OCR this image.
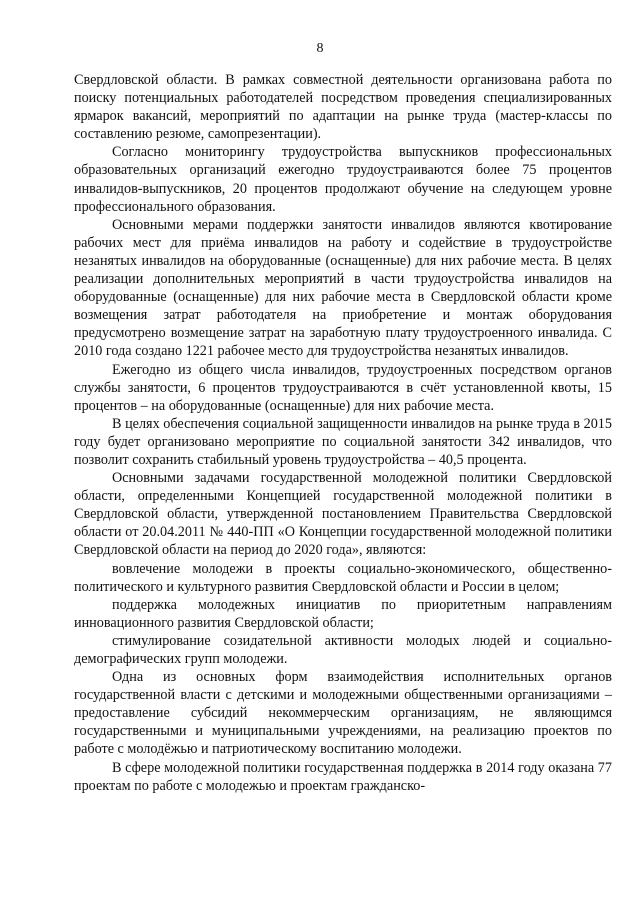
8

Свердловской области. В рамках совместной деятельности организована работа по поиску потенциальных работодателей посредством проведения специализированных ярмарок вакансий, мероприятий по адаптации на рынке труда (мастер-классы по составлению резюме, самопрезентации).

Согласно мониторингу трудоустройства выпускников профессиональных образовательных организаций ежегодно трудоустраиваются более 75 процентов инвалидов-выпускников, 20 процентов продолжают обучение на следующем уровне профессионального образования.

Основными мерами поддержки занятости инвалидов являются квотирование рабочих мест для приёма инвалидов на работу и содействие в трудоустройстве незанятых инвалидов на оборудованные (оснащенные) для них рабочие места. В целях реализации дополнительных мероприятий в части трудоустройства инвалидов на оборудованные (оснащенные) для них рабочие места в Свердловской области кроме возмещения затрат работодателя на приобретение и монтаж оборудования предусмотрено возмещение затрат на заработную плату трудоустроенного инвалида. С 2010 года создано 1221 рабочее место для трудоустройства незанятых инвалидов.

Ежегодно из общего числа инвалидов, трудоустроенных посредством органов службы занятости, 6 процентов трудоустраиваются в счёт установленной квоты, 15 процентов – на оборудованные (оснащенные) для них рабочие места.

В целях обеспечения социальной защищенности инвалидов на рынке труда в 2015 году будет организовано мероприятие по социальной занятости 342 инвалидов, что позволит сохранить стабильный уровень трудоустройства – 40,5 процента.

Основными задачами государственной молодежной политики Свердловской области, определенными Концепцией государственной молодежной политики в Свердловской области, утвержденной постановлением Правительства Свердловской области от 20.04.2011 № 440-ПП «О Концепции государственной молодежной политики Свердловской области на период до 2020 года», являются:

вовлечение молодежи в проекты социально-экономического, общественно-политического и культурного развития Свердловской области и России в целом;

поддержка молодежных инициатив по приоритетным направлениям инновационного развития Свердловской области;

стимулирование созидательной активности молодых людей и социально-демографических групп молодежи.

Одна из основных форм взаимодействия исполнительных органов государственной власти с детскими и молодежными общественными организациями – предоставление субсидий некоммерческим организациям, не являющимся государственными и муниципальными учреждениями, на реализацию проектов по работе с молодёжью и патриотическому воспитанию молодежи.

В сфере молодежной политики государственная поддержка в 2014 году оказана 77 проектам по работе с молодежью и проектам гражданско-
